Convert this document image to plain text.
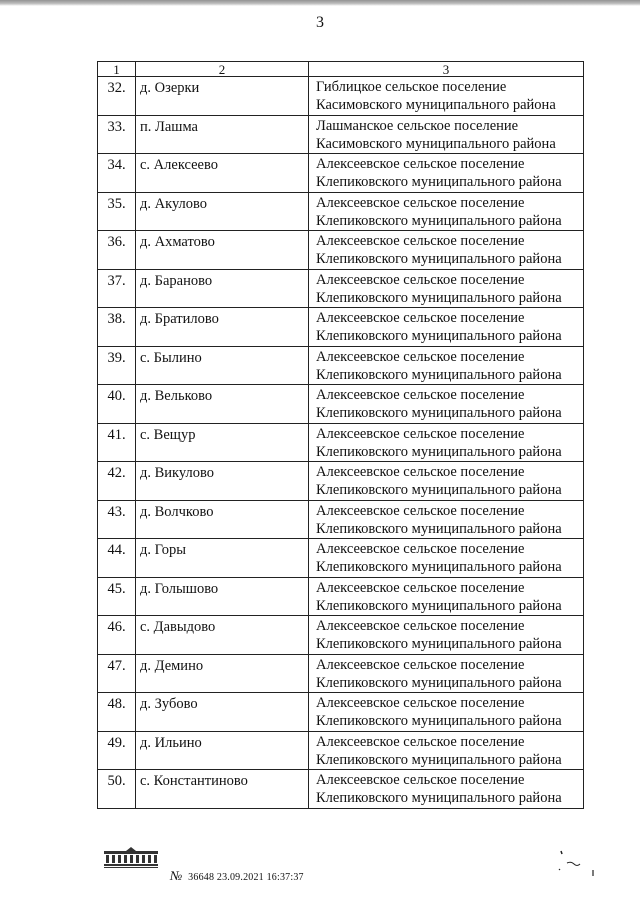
3
1	2	3
32.	д. Озерки	Гиблицкое сельское поселение
Касимовского муниципального района

33.	п. Лашма	Лашманское сельское поселение
Касимовского муниципального района

34.	с. Алексеево	Алексеевское сельское поселение
Клепиковского муниципального района

35.	д. Акулово	Алексеевское сельское поселение
Клепиковского муниципального района

36.	д. Ахматово	Алексеевское сельское поселение
Клепиковского муниципального района

37.	д. Бараново	Алексеевское сельское поселение
Клепиковского муниципального района

38.	д. Братилово	Алексеевское сельское поселение
Клепиковского муниципального района

39.	с. Былино	Алексеевское сельское поселение
Клепиковского муниципального района

40.	д. Вельково	Алексеевское сельское поселение
Клепиковского муниципального района

41.	с. Вещур	Алексеевское сельское поселение
Клепиковского муниципального района

42.	д. Викулово	Алексеевское сельское поселение
Клепиковского муниципального района

43.	д. Волчково	Алексеевское сельское поселение
Клепиковского муниципального района

44.	д. Горы	Алексеевское сельское поселение
Клепиковского муниципального района

45.	д. Голышово	Алексеевское сельское поселение
Клепиковского муниципального района

46.	с. Давыдово	Алексеевское сельское поселение
Клепиковского муниципального района

47.	д. Демино	Алексеевское сельское поселение
Клепиковского муниципального района

48.	д. Зубово	Алексеевское сельское поселение
Клепиковского муниципального района

49.	д. Ильино	Алексеевское сельское поселение
Клепиковского муниципального района

50.	с. Константиново	Алексеевское сельское поселение
Клепиковского муниципального района
№ 36648 23.09.2021 16:37:37
